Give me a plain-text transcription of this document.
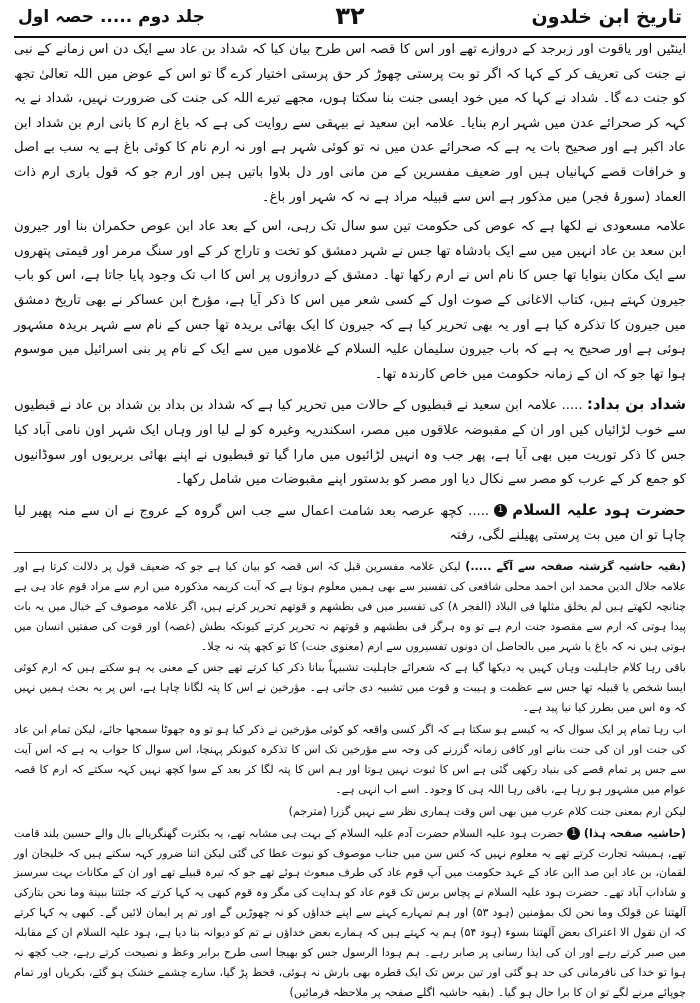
تاریخ ابن خلدون
۳۲
جلد دوم ..... حصہ اول

اینٹیں اور یاقوت اور زبرجد کے دروازے تھے اور اس کا قصہ اس طرح بیان کیا کہ شداد بن عاد سے ایک دن اس زمانے کے نبی نے جنت کی تعریف کر کے کہا کہ اگر تو بت پرستی چھوڑ کر حق پرستی اختیار کرے گا تو اس کے عوض میں اللہ تعالیٰ تجھ کو جنت دے گا۔ شداد نے کہا کہ میں خود ایسی جنت بنا سکتا ہوں، مجھے تیرے اللہ کی جنت کی ضرورت نہیں، شداد نے یہ کہہ کر صحرائے عدن میں شہر ارم بنایا۔ علامہ ابن سعید نے بیہقی سے روایت کی ہے کہ باغ ارم کا بانی ارم بن شداد ابن عاد اکبر ہے اور صحیح بات یہ ہے کہ صحرائے عدن میں نہ تو کوئی شہر ہے اور نہ ارم نام کا کوئی باغ ہے یہ سب بے اصل و خرافات قصے کہانیاں ہیں اور ضعیف مفسرین کے من مانی اور دل بلاوا باتیں ہیں اور ارم جو کہ قول باری ارم ذات العماد (سورۂ فجر) میں مذکور ہے اس سے قبیلہ مراد ہے نہ کہ شہر اور باغ۔

علامہ مسعودی نے لکھا ہے کہ عوص کی حکومت تین سو سال تک رہی، اس کے بعد عاد ابن عوص حکمران بنا اور جیرون ابن سعد بن عاد انہیں میں سے ایک بادشاہ تھا جس نے شہر دمشق کو تخت و تاراج کر کے اور سنگ مرمر اور قیمتی پتھروں سے ایک مکان بنوایا تھا جس کا نام اس نے ارم رکھا تھا۔ دمشق کے دروازوں پر اس کا اب تک وجود پایا جاتا ہے، اس کو باب جیرون کہتے ہیں، کتاب الاغانی کے صوت اول کے کسی شعر میں اس کا ذکر آیا ہے، مؤرخ ابن عساکر نے بھی تاریخ دمشق میں جیرون کا تذکرہ کیا ہے اور یہ بھی تحریر کیا ہے کہ جیرون کا ایک بھائی بریدہ تھا جس کے نام سے شہر بریدہ مشہور ہوئی ہے اور صحیح یہ ہے کہ باب جیرون سلیمان علیہ السلام کے غلاموں میں سے ایک کے نام پر بنی اسرائیل میں موسوم ہوا تھا جو کہ ان کے زمانہ حکومت میں خاص کارندہ تھا۔

شداد بن بداد: ..... علامہ ابن سعید نے قبطیوں کے حالات میں تحریر کیا ہے کہ شداد بن بداد بن شداد بن عاد نے قبطیوں سے خوب لڑائیاں کیں اور ان کے مقبوضہ علاقوں میں مصر، اسکندریہ وغیرہ کو لے لیا اور وہاں ایک شہر اون نامی آباد کیا جس کا ذکر توریت میں بھی آیا ہے، پھر جب وہ انہیں لڑائیوں میں مارا گیا تو قبطیوں نے اپنے بھائی بربریوں اور سوڈانیوں کو جمع کر کے عرب کو مصر سے نکال دیا اور مصر کو بدستور اپنے مقبوضات میں شامل رکھا۔

حضرت ہود علیہ السلام 1 ..... کچھ عرصہ بعد شامت اعمال سے جب اس گروہ کے عروج نے ان سے منہ پھیر لیا چاہا تو ان میں بت پرستی پھیلنے لگی، رفتہ

(بقیہ حاشیہ گزشتہ صفحہ سے آگے .....) لیکن علامہ مفسرین قبل کہ اس قصہ کو بیان کیا ہے جو کہ ضعیف قول پر دلالت کرتا ہے اور علامہ جلال الدین محمد ابن احمد محلی شافعی کی تفسیر سے بھی ہمیں معلوم ہوتا ہے کہ آیت کریمہ مذکورہ میں ارم سے مراد قوم عاد ہی ہے چنانچہ لکھتے ہیں لم یخلق مثلھا فی البلاد (الفجر ۸) کی تفسیر میں فی بطشھم و قوتھم تحریر کرتے ہیں، اگر علامہ موصوف کے خیال میں یہ بات پیدا ہوتی کہ ارم سے مقصود جنت ارم ہے تو وہ ہرگز فی بطشھم و قوتھم نہ تحریر کرتے کیونکہ بطش (غصہ) اور قوت کی صفتیں انسان میں ہوتی ہیں نہ کہ باغ یا شہر میں بالحاصل ان دونوں تفسیروں سے ارم (معنوی جنت) کا تو کچھ پتہ نہ چلا۔

باقی رہا کلام جاہلیت وہاں کہیں یہ دیکھا گیا ہے کہ شعرائے جاہلیت تشبیہاً بنانا ذکر کیا کرتے تھے جس کے معنی یہ ہو سکتے ہیں کہ ارم کوئی ایسا شخص یا قبیلہ تھا جس سے عظمت و ہیبت و قوت میں تشبیہ دی جاتی ہے۔ مؤرخین نے اس کا پتہ لگانا چاہا ہے، اس پر یہ بحث ہمیں نہیں کہ وہ اس میں بطرز کیا نیا پید ہے۔

اب رہا تمام پر ایک سوال کہ یہ کیسے ہو سکتا ہے کہ اگر کسی واقعہ کو کوئی مؤرخین نے ذکر کیا ہو تو وہ جھوٹا سمجھا جائے، لیکن تمام ابن عاد کی جنت اور ان کی جنت بنانے اور کافی زمانہ گزرنے کی وجہ سے مؤرخین تک اس کا تذکرہ کیونکر پہنچا، اس سوال کا جواب یہ ہے کہ اس آیت سے جس پر تمام قصے کی بنیاد رکھی گئی ہے اس کا ثبوت نہیں ہوتا اور ہم اس کا پتہ لگا کر بعد کے سوا کچھ نہیں کہہ سکتے کہ ارم کا قصہ عوام میں مشہور ہو رہا ہے، باقی رہا اللہ ہی کا وجود۔ اسے اب انہی ہے۔

لیکن ارم بمعنی جنت کلام عرب میں بھی اس وقت ہماری نظر سے نہیں گزرا (مترجم)

(حاشیہ صفحہ ہذا) 1 حضرت ہود علیہ السلام حضرت آدم علیہ السلام کے بہت ہی مشابہ تھے، یہ بکثرت گھنگریالے بال والے حسین بلند قامت تھے، ہمیشہ تجارت کرتے تھے یہ معلوم نہیں کہ کس سن میں جناب موصوف کو نبوت عطا کی گئی لیکن اتنا ضرور کہہ سکتے ہیں کہ خلیجان اور لقمان، بن عاد ابن صد اابن عاد کے عہد حکومت میں آپ قوم عاد کی طرف مبعوث ہوئے تھے جو کہ تیرہ قبیلے تھے اور ان کے مکانات بہت سرسبز و شاداب آباد تھے۔ حضرت ہود علیہ السلام نے پچاس برس تک قوم عاد کو ہدایت کی مگر وہ قوم کبھی یہ کہا کرتے کہ جئتنا ببینة وما نحن بتارکی آلھتنا عن قولک وما نحن لک بمؤمنین (ہود ۵۳) اور ہم تمہارے کہنے سے اپنے خداؤں کو نہ چھوڑیں گے اور تم پر ایمان لائیں گے۔ کبھی یہ کہا کرتے کہ ان نقول الا اعتراک بعض آلھتنا بسوء (ہود ۵۴) ہم یہ کہتے ہیں کہ ہمارے بعض خداؤں نے تم کو دیوانہ بنا دیا ہے، ہود علیہ السلام ان کے مقابلہ میں صبر کرتے رہے اور ان کی ایذا رسانی پر صابر رہے۔ ہم ہودا الرسول جس کو بھیجا اسی طرح برابر وعظ و نصیحت کرتے رہے، جب کچھ نہ ہوا تو خدا کی نافرمانی کی حد ہو گئی اور تین برس تک ایک قطرہ بھی بارش نہ ہوئی، قحط پڑ گیا، سارے چشمے خشک ہو گئے، بکریاں اور تمام چوپائے مرنے لگے تو ان کا برا حال ہو گیا۔ (بقیہ حاشیہ اگلے صفحہ پر ملاحظہ فرمائیں)
